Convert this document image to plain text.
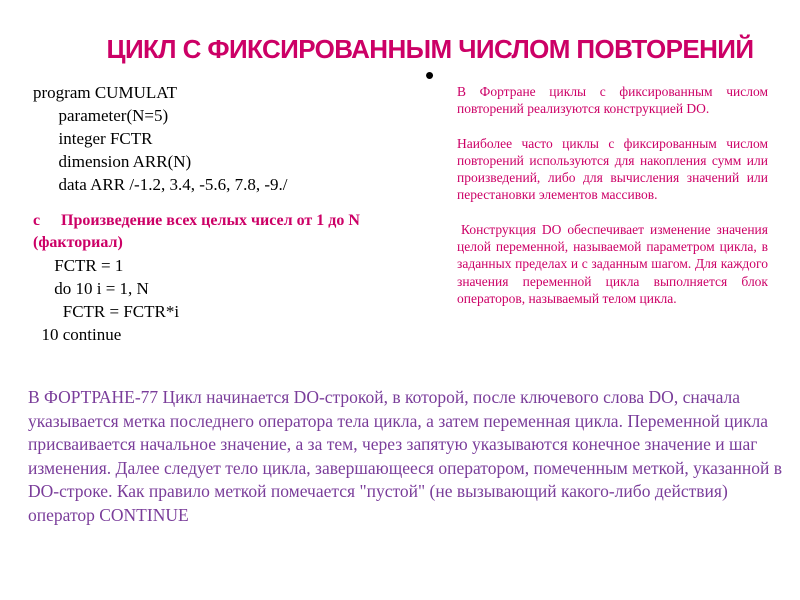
ЦИКЛ С ФИКСИРОВАННЫМ ЧИСЛОМ ПОВТОРЕНИЙ
•
program CUMULAT
parameter(N=5)
integer FCTR
dimension ARR(N)
data ARR /-1.2, 3.4, -5.6, 7.8, -9./
c Произведение всех целых чисел от 1 до N (факториал)
FCTR = 1
do 10 i = 1, N
FCTR = FCTR*i
10 continue

В Фортране циклы с фиксированным числом повторений реализуются конструкцией DO.

Наиболее часто циклы с фиксированным числом повторений используются для накопления сумм или произведений, либо для вычисления значений или перестановки элементов массивов.

Конструкция DO обеспечивает изменение значения целой переменной, называемой параметром цикла, в заданных пределах и с заданным шагом. Для каждого значения переменной цикла выполняется блок операторов, называемый телом цикла.

В ФОРТРАНЕ-77 Цикл начинается DO-строкой, в которой, после ключевого слова DO, сначала указывается метка последнего оператора тела цикла, а затем переменная цикла. Переменной цикла присваивается начальное значение, а за тем, через запятую указываются конечное значение и шаг изменения. Далее следует тело цикла, завершающееся оператором, помеченным меткой, указанной в DO-строке. Как правило меткой помечается "пустой" (не вызывающий какого-либо действия) оператор CONTINUE
